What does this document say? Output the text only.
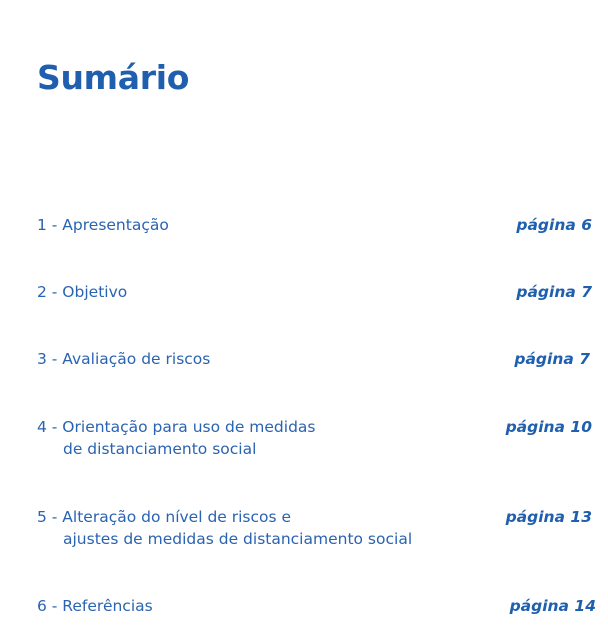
Sumário
1 - Apresentação	página 6
2 - Objetivo	página 7
3 - Avaliação de riscos	página 7
4 - Orientação para uso de medidas
de distanciamento social
página 10
5 - Alteração do nível de riscos e
ajustes de medidas de distanciamento social
página 13
6 - Referências	página 14
